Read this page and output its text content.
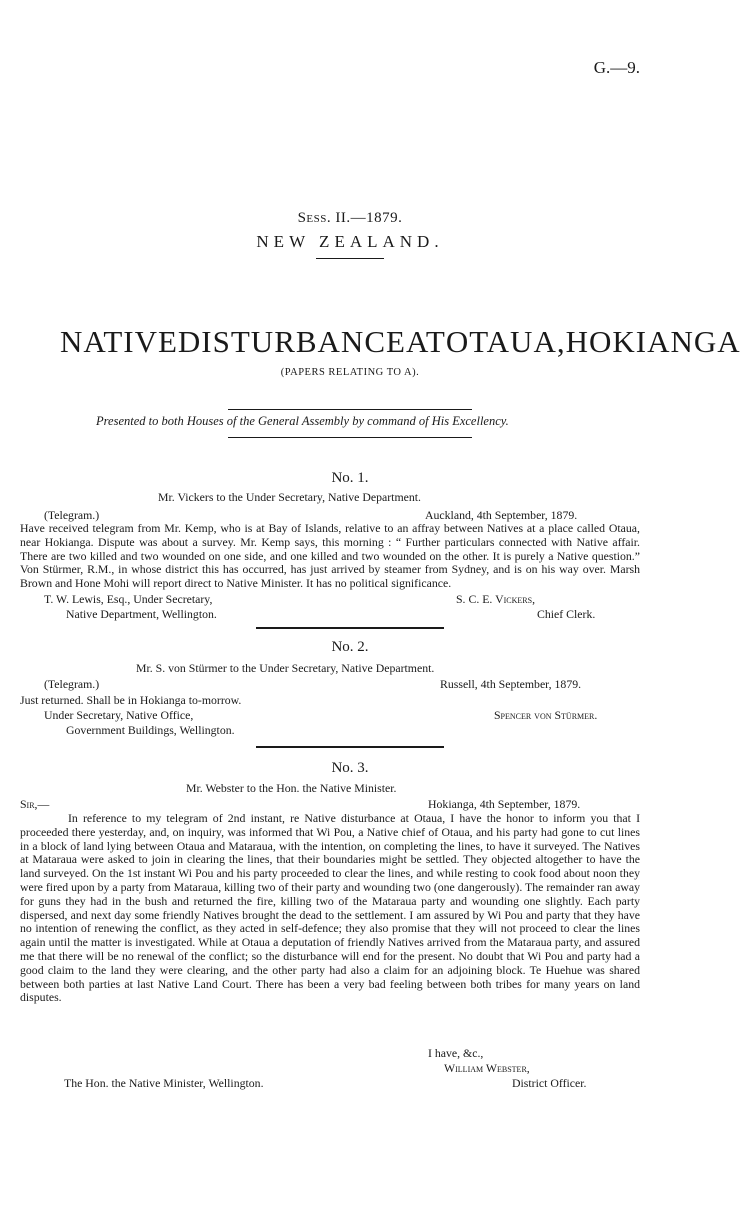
G.—9.
Sess. II.—1879.
NEW ZEALAND.
NATIVE DISTURBANCE AT OTAUA, HOKIANGA
(PAPERS RELATING TO A).
Presented to both Houses of the General Assembly by command of His Excellency.
No. 1.
Mr. Vickers to the Under Secretary, Native Department.
(Telegram.)	Auckland, 4th September, 1879.

Have received telegram from Mr. Kemp, who is at Bay of Islands, relative to an affray between Natives at a place called Otaua, near Hokianga. Dispute was about a survey. Mr. Kemp says, this morning : “ Further particulars connected with Native affair. There are two killed and two wounded on one side, and one killed and two wounded on the other. It is purely a Native question.” Von Stürmer, R.M., in whose district this has occurred, has just arrived by steamer from Sydney, and is on his way over. Marsh Brown and Hone Mohi will report direct to Native Minister. It has no political significance.

T. W. Lewis, Esq., Under Secretary,
Native Department, Wellington.
S. C. E. Vickers,
Chief Clerk.
No. 2.
Mr. S. von Stürmer to the Under Secretary, Native Department.
(Telegram.)	Russell, 4th September, 1879.
Just returned. Shall be in Hokianga to-morrow.
Under Secretary, Native Office,
Government Buildings, Wellington.
Spencer von Stürmer.
No. 3.
Mr. Webster to the Hon. the Native Minister.
Sir,—	Hokianga, 4th September, 1879.

In reference to my telegram of 2nd instant, re Native disturbance at Otaua, I have the honor to inform you that I proceeded there yesterday, and, on inquiry, was informed that Wi Pou, a Native chief of Otaua, and his party had gone to cut lines in a block of land lying between Otaua and Mataraua, with the intention, on completing the lines, to have it surveyed. The Natives at Mataraua were asked to join in clearing the lines, that their boundaries might be settled. They objected altogether to have the land surveyed. On the 1st instant Wi Pou and his party proceeded to clear the lines, and while resting to cook food about noon they were fired upon by a party from Mataraua, killing two of their party and wounding two (one dangerously). The remainder ran away for guns they had in the bush and returned the fire, killing two of the Mataraua party and wounding one slightly. Each party dispersed, and next day some friendly Natives brought the dead to the settlement. I am assured by Wi Pou and party that they have no intention of renewing the conflict, as they acted in self-defence; they also promise that they will not proceed to clear the lines again until the matter is investigated. While at Otaua a deputation of friendly Natives arrived from the Mataraua party, and assured me that there will be no renewal of the conflict; so the disturbance will end for the present. No doubt that Wi Pou and party had a good claim to the land they were clearing, and the other party had also a claim for an adjoining block. Te Huehue was shared between both parties at last Native Land Court. There has been a very bad feeling between both tribes for many years on land disputes.

I have, &c.,
William Webster,
The Hon. the Native Minister, Wellington.	District Officer.
